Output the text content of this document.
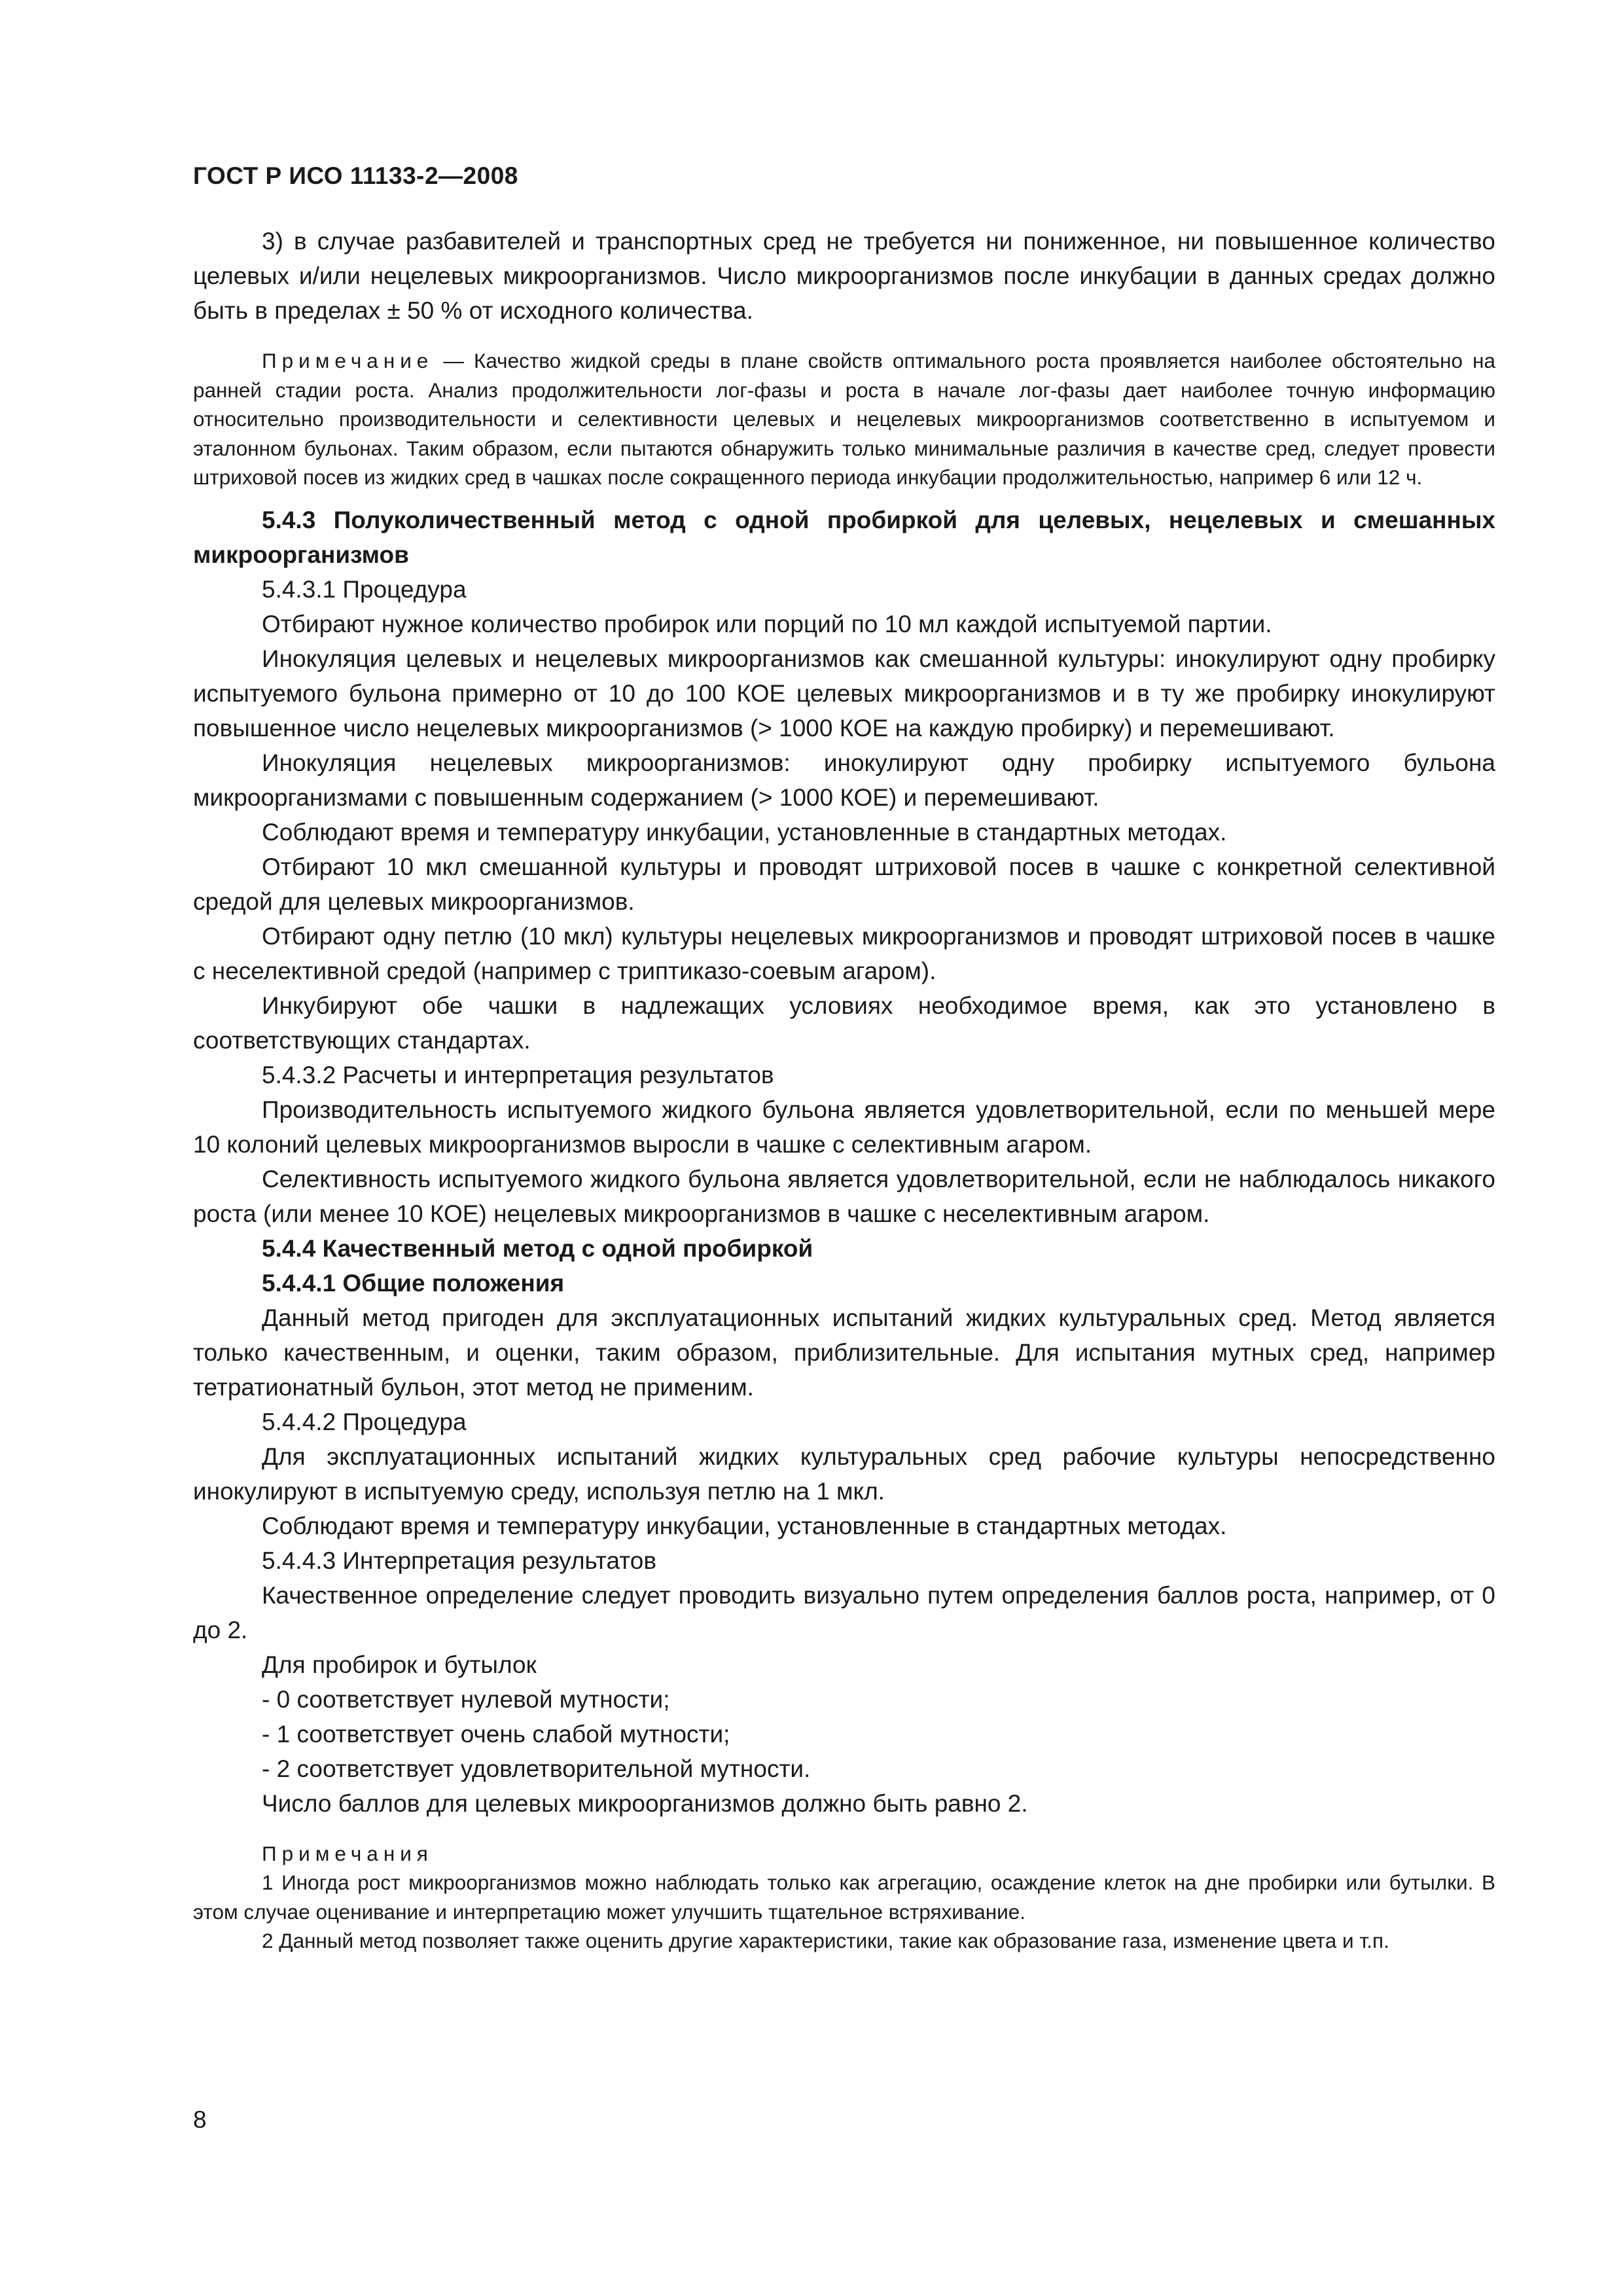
ГОСТ Р ИСО 11133-2—2008

3) в случае разбавителей и транспортных сред не требуется ни пониженное, ни повышенное количество целевых и/или нецелевых микроорганизмов. Число микроорганизмов после инкубации в данных средах должно быть в пределах ± 50 % от исходного количества.

Примечание — Качество жидкой среды в плане свойств оптимального роста проявляется наиболее обстоятельно на ранней стадии роста. Анализ продолжительности лог-фазы и роста в начале лог-фазы дает наиболее точную информацию относительно производительности и селективности целевых и нецелевых микроорганизмов соответственно в испытуемом и эталонном бульонах. Таким образом, если пытаются обнаружить только минимальные различия в качестве сред, следует провести штриховой посев из жидких сред в чашках после сокращенного периода инкубации продолжительностью, например 6 или 12 ч.

5.4.3 Полуколичественный метод с одной пробиркой для целевых, нецелевых и смешанных микроорганизмов

5.4.3.1 Процедура

Отбирают нужное количество пробирок или порций по 10 мл каждой испытуемой партии.

Инокуляция целевых и нецелевых микроорганизмов как смешанной культуры: инокулируют одну пробирку испытуемого бульона примерно от 10 до 100 КОЕ целевых микроорганизмов и в ту же пробирку инокулируют повышенное число нецелевых микроорганизмов (> 1000 КОЕ на каждую пробирку) и перемешивают.

Инокуляция нецелевых микроорганизмов: инокулируют одну пробирку испытуемого бульона микроорганизмами с повышенным содержанием (> 1000 КОЕ) и перемешивают.

Соблюдают время и температуру инкубации, установленные в стандартных методах.

Отбирают 10 мкл смешанной культуры и проводят штриховой посев в чашке с конкретной селективной средой для целевых микроорганизмов.

Отбирают одну петлю (10 мкл) культуры нецелевых микроорганизмов и проводят штриховой посев в чашке с неселективной средой (например с триптиказо-соевым агаром).

Инкубируют обе чашки в надлежащих условиях необходимое время, как это установлено в соответствующих стандартах.

5.4.3.2 Расчеты и интерпретация результатов

Производительность испытуемого жидкого бульона является удовлетворительной, если по меньшей мере 10 колоний целевых микроорганизмов выросли в чашке с селективным агаром.

Селективность испытуемого жидкого бульона является удовлетворительной, если не наблюдалось никакого роста (или менее 10 КОЕ) нецелевых микроорганизмов в чашке с неселективным агаром.

5.4.4 Качественный метод с одной пробиркой

5.4.4.1 Общие положения

Данный метод пригоден для эксплуатационных испытаний жидких культуральных сред. Метод является только качественным, и оценки, таким образом, приблизительные. Для испытания мутных сред, например тетратионатный бульон, этот метод не применим.

5.4.4.2 Процедура

Для эксплуатационных испытаний жидких культуральных сред рабочие культуры непосредственно инокулируют в испытуемую среду, используя петлю на 1 мкл.

Соблюдают время и температуру инкубации, установленные в стандартных методах.

5.4.4.3 Интерпретация результатов

Качественное определение следует проводить визуально путем определения баллов роста, например, от 0 до 2.

Для пробирок и бутылок

- 0 соответствует нулевой мутности;

- 1 соответствует очень слабой мутности;

- 2 соответствует удовлетворительной мутности.

Число баллов для целевых микроорганизмов должно быть равно 2.

Примечания

1 Иногда рост микроорганизмов можно наблюдать только как агрегацию, осаждение клеток на дне пробирки или бутылки. В этом случае оценивание и интерпретацию может улучшить тщательное встряхивание.

2 Данный метод позволяет также оценить другие характеристики, такие как образование газа, изменение цвета и т.п.

8
